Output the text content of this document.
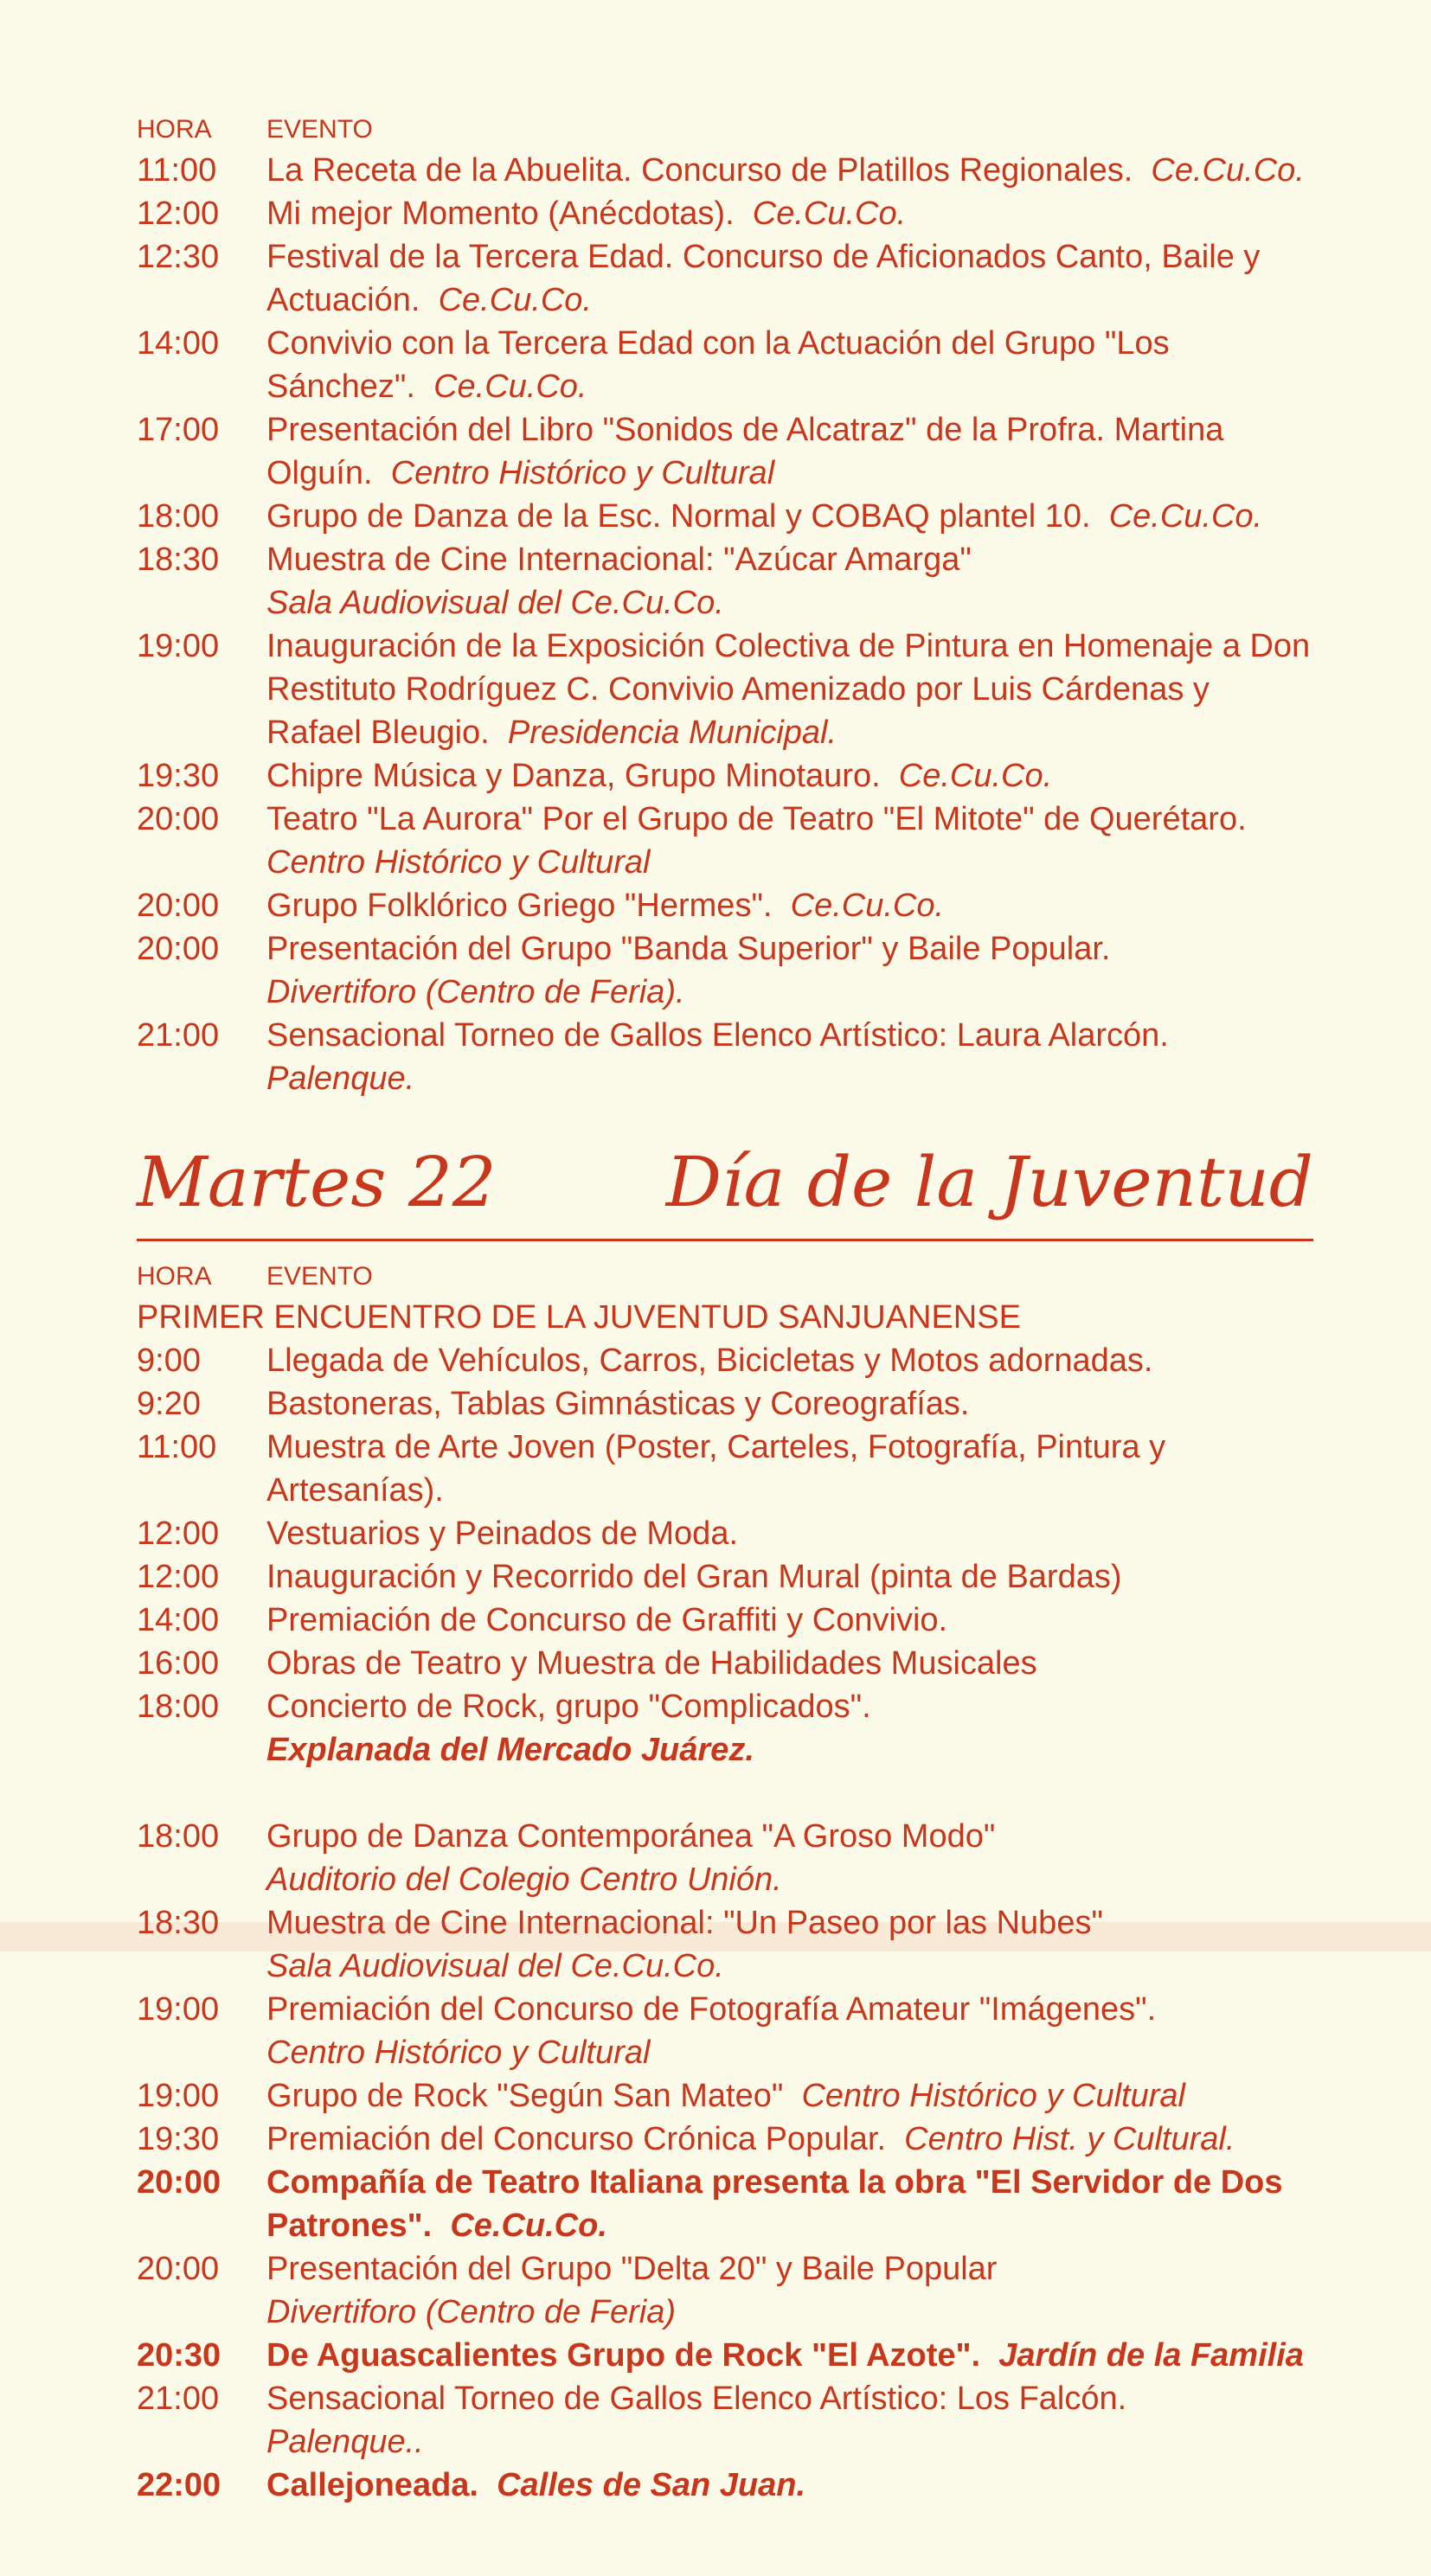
HORA	EVENTO
11:00	La Receta de la Abuelita. Concurso de Platillos Regionales. Ce.Cu.Co.
12:00	Mi mejor Momento (Anécdotas). Ce.Cu.Co.
12:30	Festival de la Tercera Edad. Concurso de Aficionados Canto, Baile y Actuación. Ce.Cu.Co.
14:00	Convivio con la Tercera Edad con la Actuación del Grupo "Los Sánchez". Ce.Cu.Co.
17:00	Presentación del Libro "Sonidos de Alcatraz" de la Profra. Martina Olguín. Centro Histórico y Cultural
18:00	Grupo de Danza de la Esc. Normal y COBAQ plantel 10. Ce.Cu.Co.
18:30	Muestra de Cine Internacional: "Azúcar Amarga"
Sala Audiovisual del Ce.Cu.Co.
19:00	Inauguración de la Exposición Colectiva de Pintura en Homenaje a Don Restituto Rodríguez C. Convivio Amenizado por Luis Cárdenas y Rafael Bleugio. Presidencia Municipal.
19:30	Chipre Música y Danza, Grupo Minotauro. Ce.Cu.Co.
20:00	Teatro "La Aurora" Por el Grupo de Teatro "El Mitote" de Querétaro.
Centro Histórico y Cultural
20:00	Grupo Folklórico Griego "Hermes". Ce.Cu.Co.
20:00	Presentación del Grupo "Banda Superior" y Baile Popular.
Divertiforo (Centro de Feria).
21:00	Sensacional Torneo de Gallos Elenco Artístico: Laura Alarcón.
Palenque.
Martes 22 Día de la Juventud
HORA	EVENTO
PRIMER ENCUENTRO DE LA JUVENTUD SANJUANENSE
9:00	Llegada de Vehículos, Carros, Bicicletas y Motos adornadas.
9:20	Bastoneras, Tablas Gimnásticas y Coreografías.
11:00	Muestra de Arte Joven (Poster, Carteles, Fotografía, Pintura y Artesanías).
12:00	Vestuarios y Peinados de Moda.
12:00	Inauguración y Recorrido del Gran Mural (pinta de Bardas)
14:00	Premiación de Concurso de Graffiti y Convivio.
16:00	Obras de Teatro y Muestra de Habilidades Musicales
18:00	Concierto de Rock, grupo "Complicados".
Explanada del Mercado Juárez.
18:00	Grupo de Danza Contemporánea "A Groso Modo"
Auditorio del Colegio Centro Unión.
18:30	Muestra de Cine Internacional: "Un Paseo por las Nubes"
Sala Audiovisual del Ce.Cu.Co.
19:00	Premiación del Concurso de Fotografía Amateur "Imágenes".
Centro Histórico y Cultural
19:00	Grupo de Rock "Según San Mateo" Centro Histórico y Cultural
19:30	Premiación del Concurso Crónica Popular. Centro Hist. y Cultural.
20:00	Compañía de Teatro Italiana presenta la obra "El Servidor de Dos Patrones". Ce.Cu.Co.
20:00	Presentación del Grupo "Delta 20" y Baile Popular
Divertiforo (Centro de Feria)
20:30	De Aguascalientes Grupo de Rock "El Azote". Jardín de la Familia
21:00	Sensacional Torneo de Gallos Elenco Artístico: Los Falcón.
Palenque..
22:00	Callejoneada. Calles de San Juan.
